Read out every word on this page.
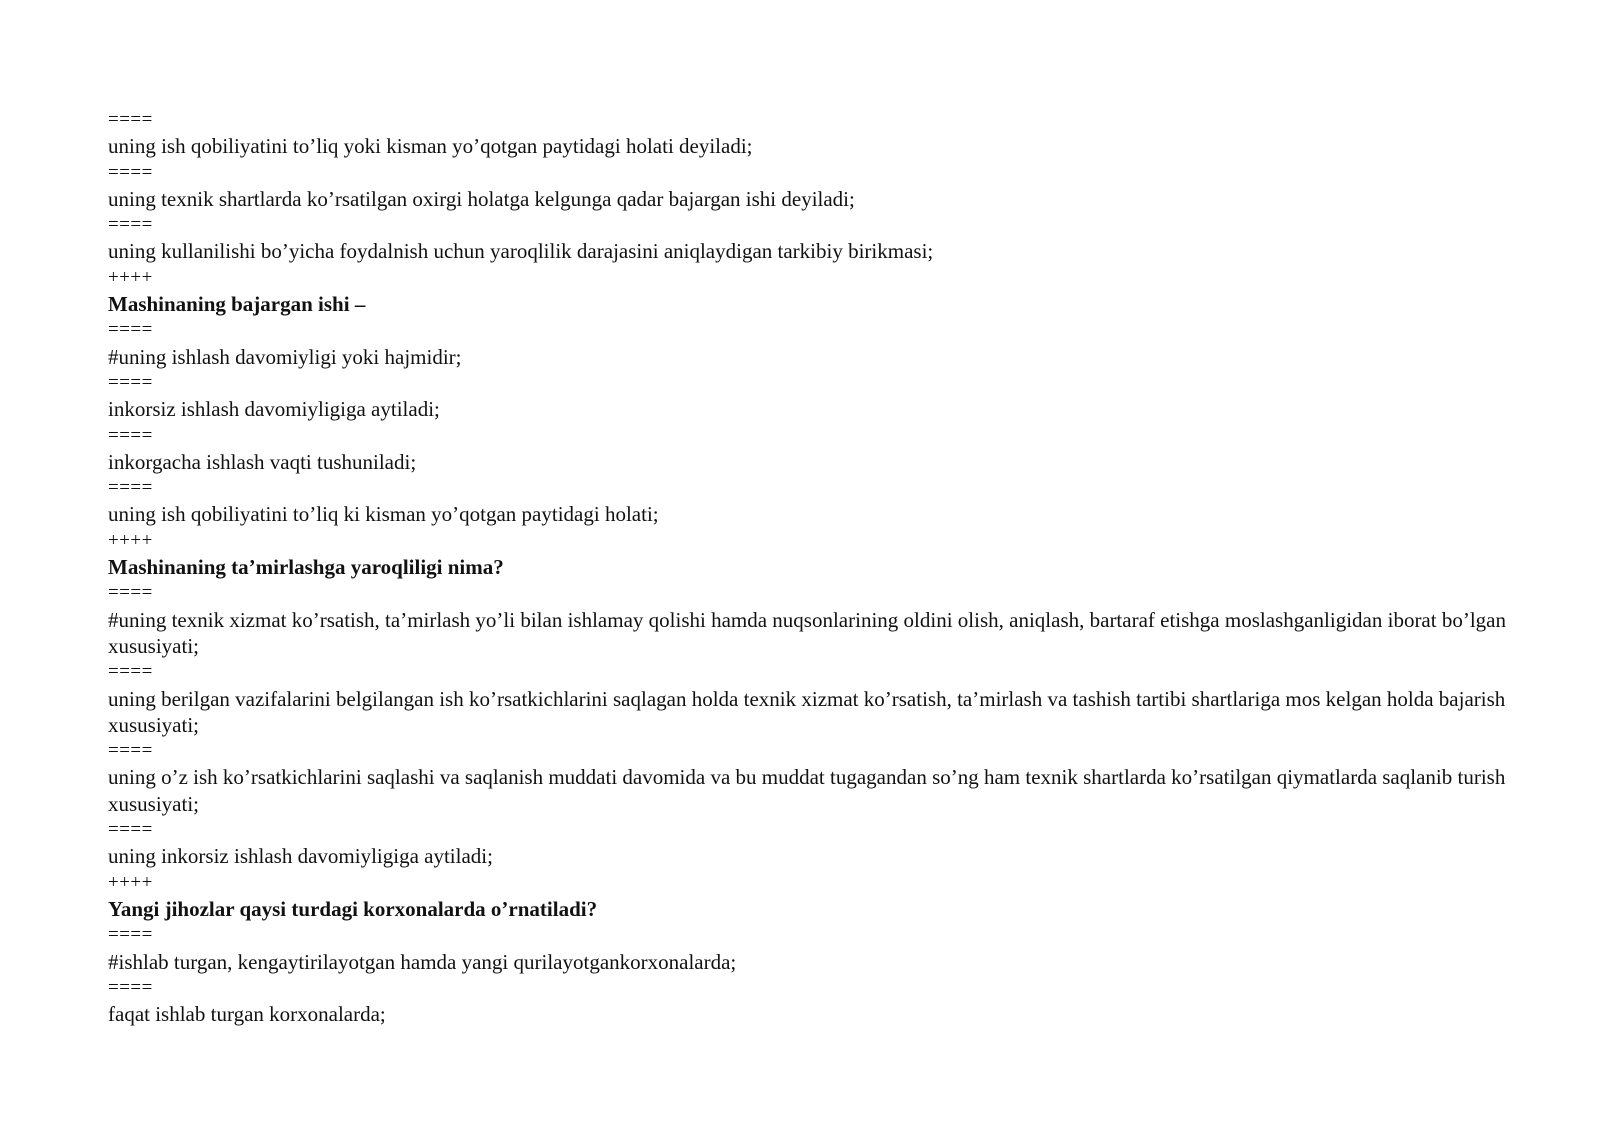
====
uning ish qobiliyatini to’liq yoki kisman yo’qotgan paytidagi holati deyiladi;
====
uning texnik shartlarda ko’rsatilgan oxirgi holatga kelgunga qadar bajargan ishi deyiladi;
====
uning kullanilishi bo’yicha foydalnish uchun yaroqlilik darajasini aniqlaydigan tarkibiy birikmasi;
++++
Mashinaning bajargan ishi –
====
#uning ishlash davomiyligi yoki hajmidir;
====
inkorsiz ishlash davomiyligiga aytiladi;
====
inkorgacha ishlash vaqti tushuniladi;
====
uning ish qobiliyatini to’liq ki kisman yo’qotgan paytidagi holati;
++++
Mashinaning ta’mirlashga yaroqliligi nima?
====
#uning texnik xizmat ko’rsatish, ta’mirlash yo’li bilan ishlamay qolishi hamda nuqsonlarining oldini olish, aniqlash, bartaraf etishga moslashganligidan iborat bo’lgan xususiyati;
====
uning berilgan vazifalarini belgilangan ish ko’rsatkichlarini saqlagan holda texnik xizmat ko’rsatish, ta’mirlash va tashish tartibi shartlariga mos kelgan holda bajarish xususiyati;
====
uning o’z ish ko’rsatkichlarini saqlashi va saqlanish muddati davomida va bu muddat tugagandan so’ng ham texnik shartlarda ko’rsatilgan qiymatlarda saqlanib turish xususiyati;
====
uning inkorsiz ishlash davomiyligiga aytiladi;
++++
Yangi jihozlar qaysi turdagi korxonalarda o’rnatiladi?
====
#ishlab turgan, kengaytirilayotgan hamda yangi qurilayotgankorxonalarda;
====
faqat ishlab turgan korxonalarda;
